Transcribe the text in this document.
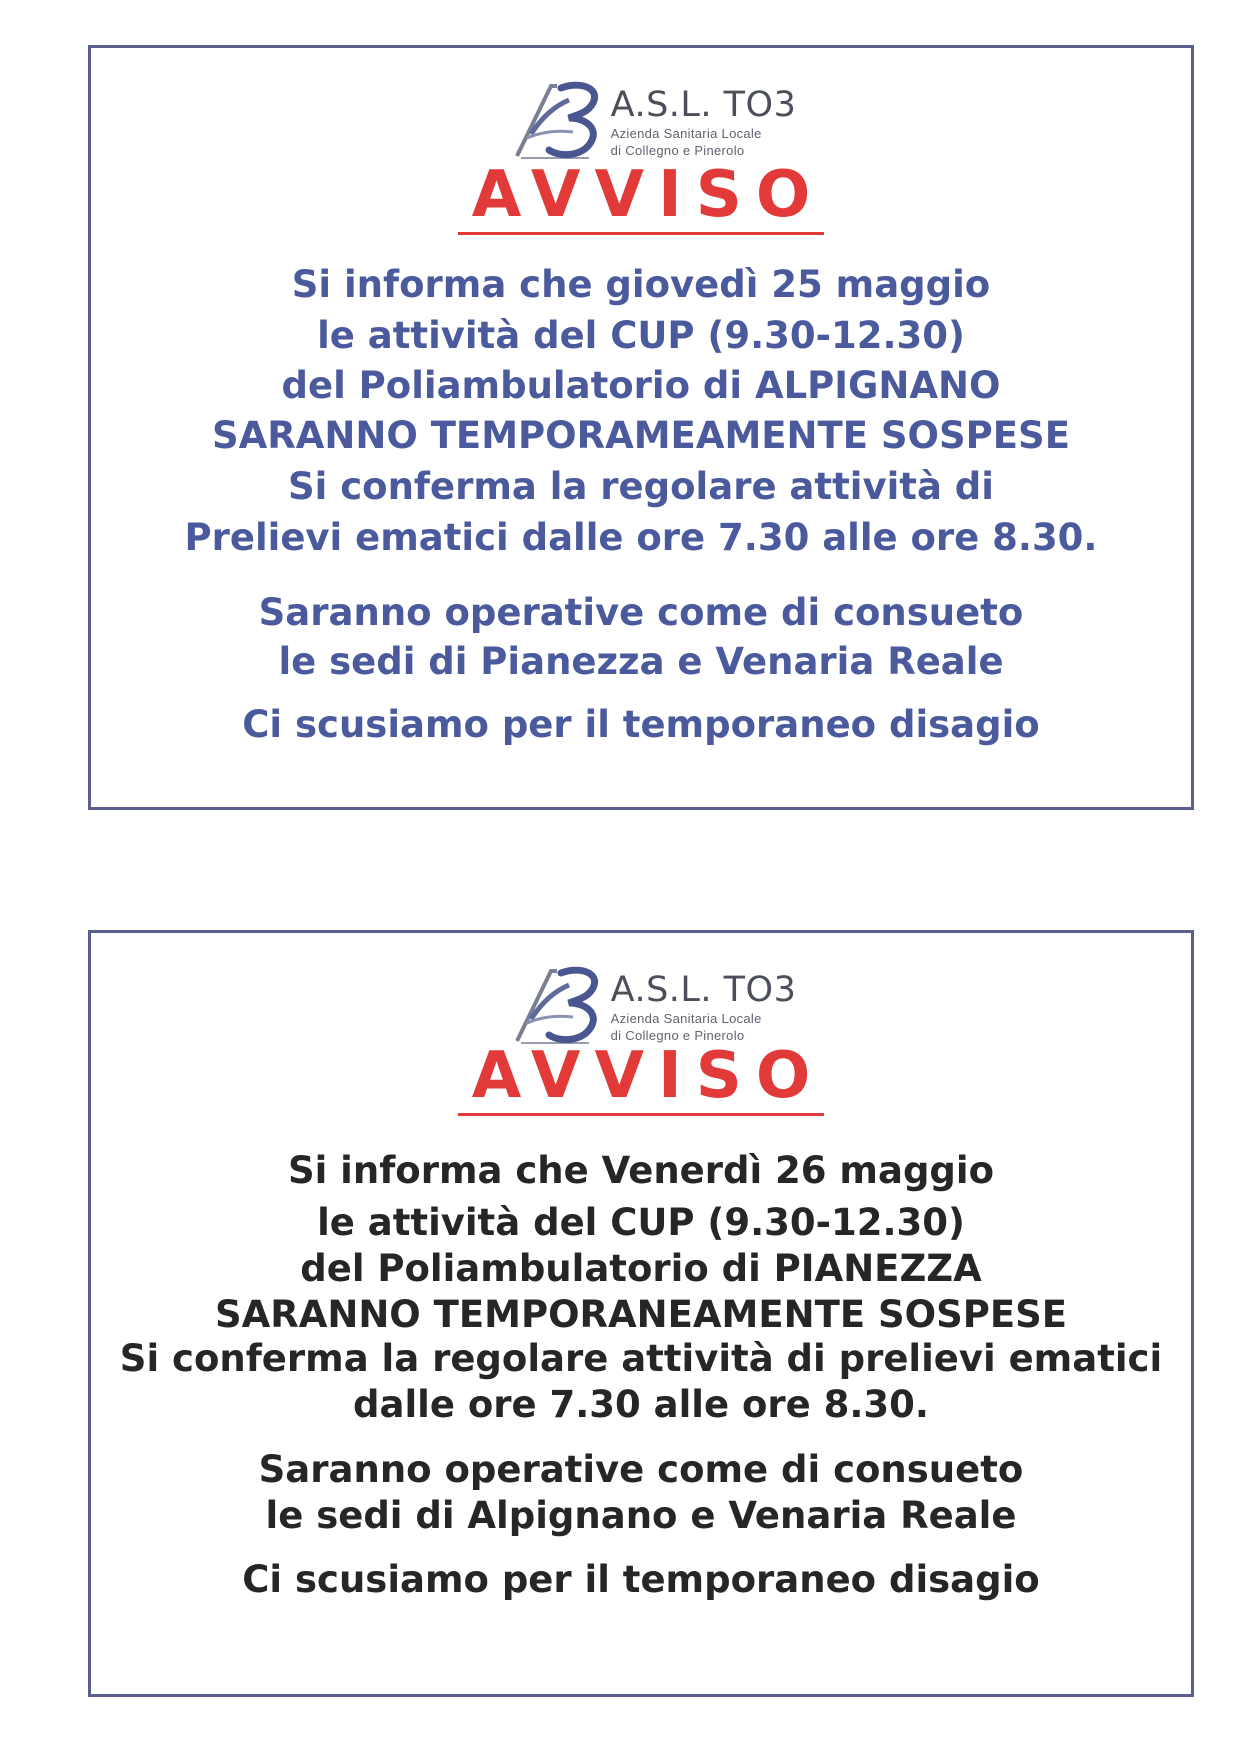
A.S.L. TO3
Azienda Sanitaria Locale
di Collegno e Pinerolo
AVVISO
Si informa che giovedì 25 maggio
le attività del CUP (9.30-12.30)
del Poliambulatorio di ALPIGNANO
SARANNO TEMPORAMEAMENTE SOSPESE
Si conferma la regolare attività di
Prelievi ematici dalle ore 7.30 alle ore 8.30.
Saranno operative come di consueto
le sedi di Pianezza e Venaria Reale
Ci scusiamo per il temporaneo disagio
A.S.L. TO3
Azienda Sanitaria Locale
di Collegno e Pinerolo
AVVISO
Si informa che Venerdì 26 maggio
le attività del CUP (9.30-12.30)
del Poliambulatorio di PIANEZZA
SARANNO TEMPORANEAMENTE SOSPESE
Si conferma la regolare attività di prelievi ematici
dalle ore 7.30 alle ore 8.30.
Saranno operative come di consueto
le sedi di Alpignano e Venaria Reale
Ci scusiamo per il temporaneo disagio
